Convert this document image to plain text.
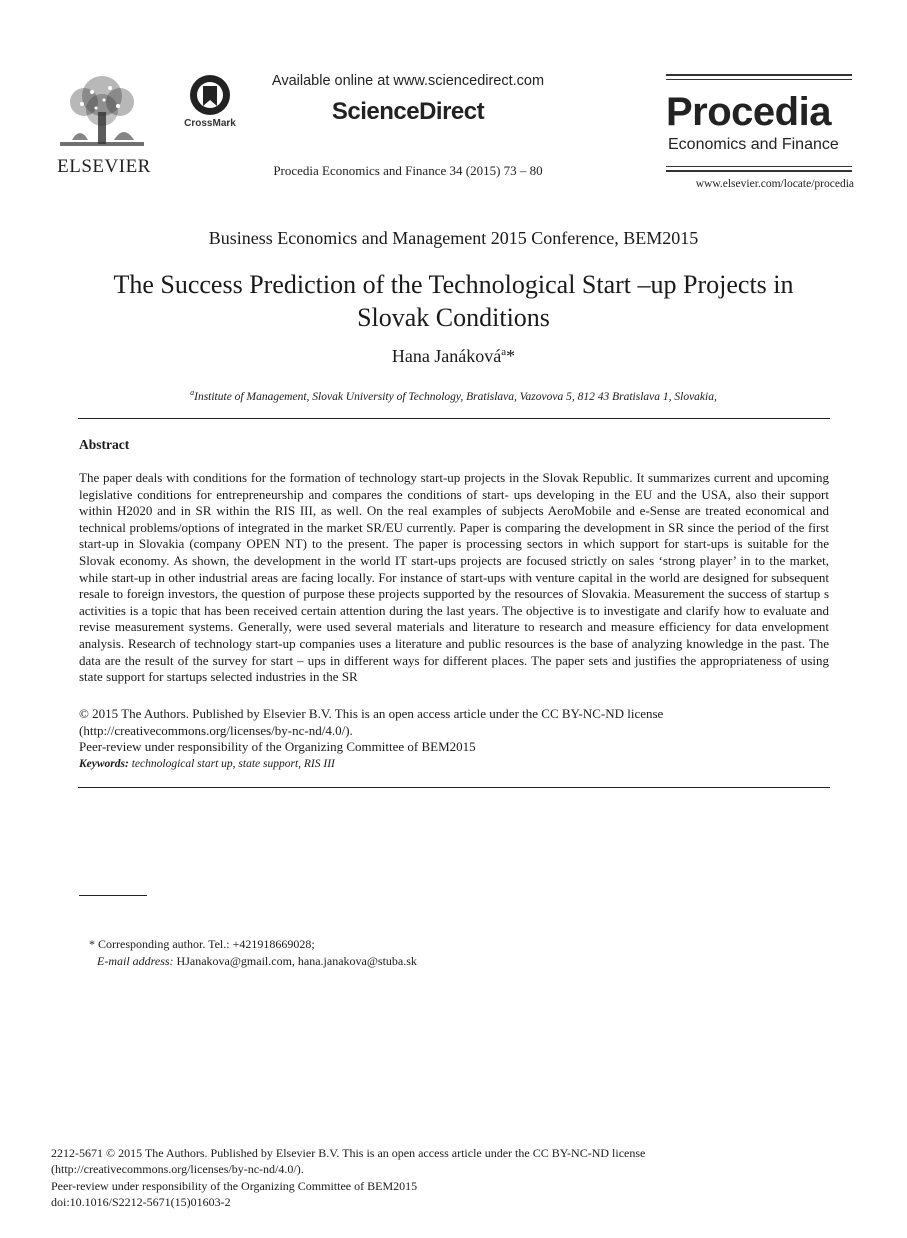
ELSEVIER
CrossMark
Available online at www.sciencedirect.com
ScienceDirect
Procedia Economics and Finance 34 (2015) 73 – 80
Procedia
Economics and Finance
www.elsevier.com/locate/procedia
Business Economics and Management 2015 Conference, BEM2015
The Success Prediction of the Technological Start –up Projects in
Slovak Conditions
Hana Janáková$^a$*
$^a$Institute of Management, Slovak University of Technology, Bratislava, Vazovova 5, 812 43 Bratislava 1, Slovakia,
Abstract
The paper deals with conditions for the formation of technology start-up projects in the Slovak Republic. It summarizes current and upcoming legislative conditions for entrepreneurship and compares the conditions of start- ups developing in the EU and the USA, also their support within H2020 and in SR within the RIS III, as well. On the real examples of subjects AeroMobile and e-Sense are treated economical and technical problems/options of integrated in the market SR/EU currently. Paper is comparing the development in SR since the period of the first start-up in Slovakia (company OPEN NT) to the present. The paper is processing sectors in which support for start-ups is suitable for the Slovak economy. As shown, the development in the world IT start-ups projects are focused strictly on sales ‘strong player’ in to the market, while start-up in other industrial areas are facing locally. For instance of start-ups with venture capital in the world are designed for subsequent resale to foreign investors, the question of purpose these projects supported by the resources of Slovakia. Measurement the success of startup s activities is a topic that has been received certain attention during the last years. The objective is to investigate and clarify how to evaluate and revise measurement systems. Generally, were used several materials and literature to research and measure efficiency for data envelopment analysis. Research of technology start-up companies uses a literature and public resources is the base of analyzing knowledge in the past. The data are the result of the survey for start – ups in different ways for different places. The paper sets and justifies the appropriateness of using state support for startups selected industries in the SR
© 2015 The Authors. Published by Elsevier B.V. This is an open access article under the CC BY-NC-ND license
(http://creativecommons.org/licenses/by-nc-nd/4.0/).
Peer-review under responsibility of the Organizing Committee of BEM2015
Keywords: technological start up, state support, RIS III
* Corresponding author. Tel.: +421918669028;
E-mail address: HJanakova@gmail.com, hana.janakova@stuba.sk
2212-5671 © 2015 The Authors. Published by Elsevier B.V. This is an open access article under the CC BY-NC-ND license
(http://creativecommons.org/licenses/by-nc-nd/4.0/).
Peer-review under responsibility of the Organizing Committee of BEM2015
doi:10.1016/S2212-5671(15)01603-2
